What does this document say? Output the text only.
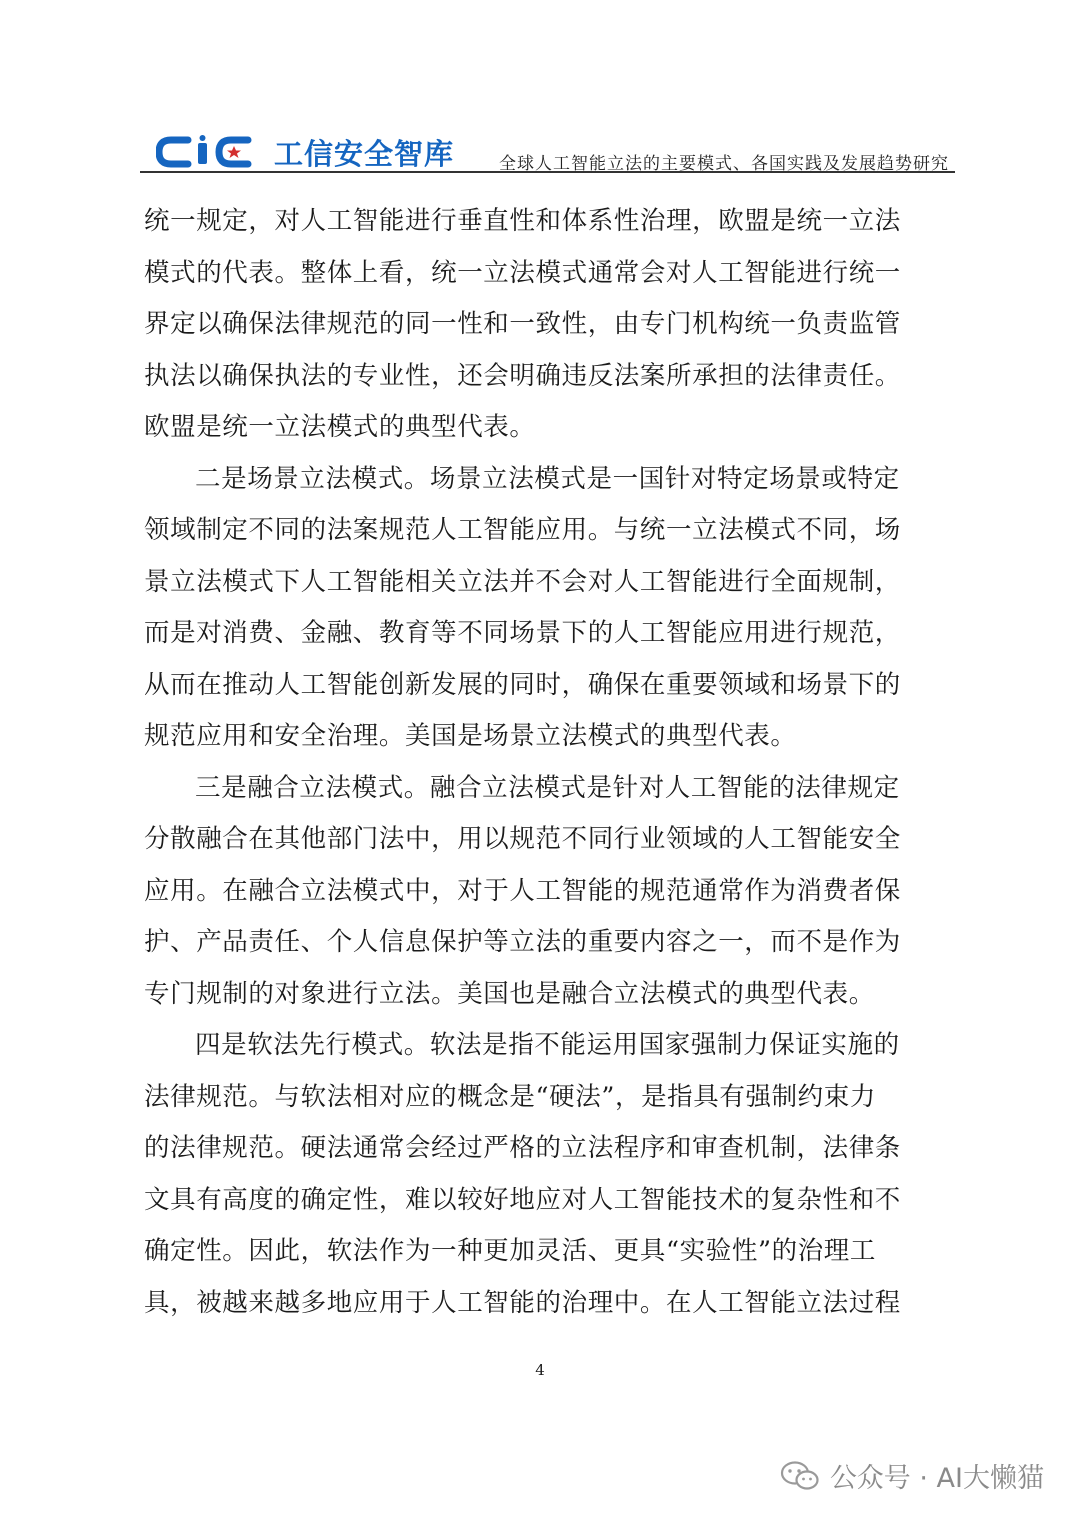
工信安全智库	全球人工智能立法的主要模式、各国实践及发展趋势研究
统一规定，对人工智能进行垂直性和体系性治理，欧盟是统一立法
模式的代表。整体上看，统一立法模式通常会对人工智能进行统一
界定以确保法律规范的同一性和一致性，由专门机构统一负责监管
执法以确保执法的专业性，还会明确违反法案所承担的法律责任。
欧盟是统一立法模式的典型代表。
二是场景立法模式。场景立法模式是一国针对特定场景或特定
领域制定不同的法案规范人工智能应用。与统一立法模式不同，场
景立法模式下人工智能相关立法并不会对人工智能进行全面规制，
而是对消费、金融、教育等不同场景下的人工智能应用进行规范，
从而在推动人工智能创新发展的同时，确保在重要领域和场景下的
规范应用和安全治理。美国是场景立法模式的典型代表。
三是融合立法模式。融合立法模式是针对人工智能的法律规定
分散融合在其他部门法中，用以规范不同行业领域的人工智能安全
应用。在融合立法模式中，对于人工智能的规范通常作为消费者保
护、产品责任、个人信息保护等立法的重要内容之一，而不是作为
专门规制的对象进行立法。美国也是融合立法模式的典型代表。
四是软法先行模式。软法是指不能运用国家强制力保证实施的
法律规范。与软法相对应的概念是“硬法”，是指具有强制约束力
的法律规范。硬法通常会经过严格的立法程序和审查机制，法律条
文具有高度的确定性，难以较好地应对人工智能技术的复杂性和不
确定性。因此，软法作为一种更加灵活、更具“实验性”的治理工
具，被越来越多地应用于人工智能的治理中。在人工智能立法过程
4
公众号 · AI大懒猫
